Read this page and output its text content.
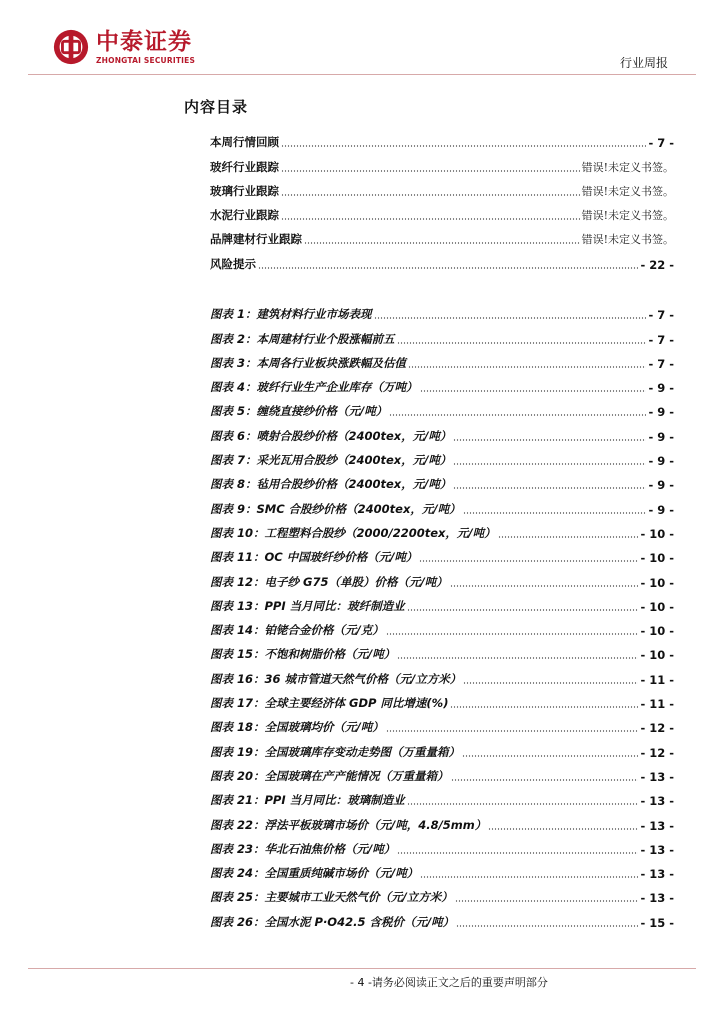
中泰证券
ZHONGTAI SECURITIES	行业周报
内容目录
本周行情回顾	- 7 -
玻纤行业跟踪	错误!未定义书签。
玻璃行业跟踪	错误!未定义书签。
水泥行业跟踪	错误!未定义书签。
品牌建材行业跟踪	错误!未定义书签。
风险提示	- 22 -
图表 1：建筑材料行业市场表现	- 7 -
图表 2：本周建材行业个股涨幅前五	- 7 -
图表 3：本周各行业板块涨跌幅及估值	- 7 -
图表 4：玻纤行业生产企业库存（万吨）	- 9 -
图表 5：缠绕直接纱价格（元/吨）	- 9 -
图表 6：喷射合股纱价格（2400tex，元/吨）	- 9 -
图表 7：采光瓦用合股纱（2400tex，元/吨）	- 9 -
图表 8：毡用合股纱价格（2400tex，元/吨）	- 9 -
图表 9：SMC 合股纱价格（2400tex，元/吨）	- 9 -
图表 10：工程塑料合股纱（2000/2200tex，元/吨）	- 10 -
图表 11：OC 中国玻纤纱价格（元/吨）	- 10 -
图表 12：电子纱 G75（单股）价格（元/吨）	- 10 -
图表 13：PPI 当月同比：玻纤制造业	- 10 -
图表 14：铂铑合金价格（元/克）	- 10 -
图表 15：不饱和树脂价格（元/吨）	- 10 -
图表 16：36 城市管道天然气价格（元/立方米）	- 11 -
图表 17：全球主要经济体 GDP 同比增速(%)	- 11 -
图表 18：全国玻璃均价（元/吨）	- 12 -
图表 19：全国玻璃库存变动走势图（万重量箱）	- 12 -
图表 20：全国玻璃在产产能情况（万重量箱）	- 13 -
图表 21：PPI 当月同比：玻璃制造业	- 13 -
图表 22：浮法平板玻璃市场价（元/吨，4.8/5mm）	- 13 -
图表 23：华北石油焦价格（元/吨）	- 13 -
图表 24：全国重质纯碱市场价（元/吨）	- 13 -
图表 25：主要城市工业天然气价（元/立方米）	- 13 -
图表 26：全国水泥 P·O42.5 含税价（元/吨）	- 15 -
- 4 -请务必阅读正文之后的重要声明部分
